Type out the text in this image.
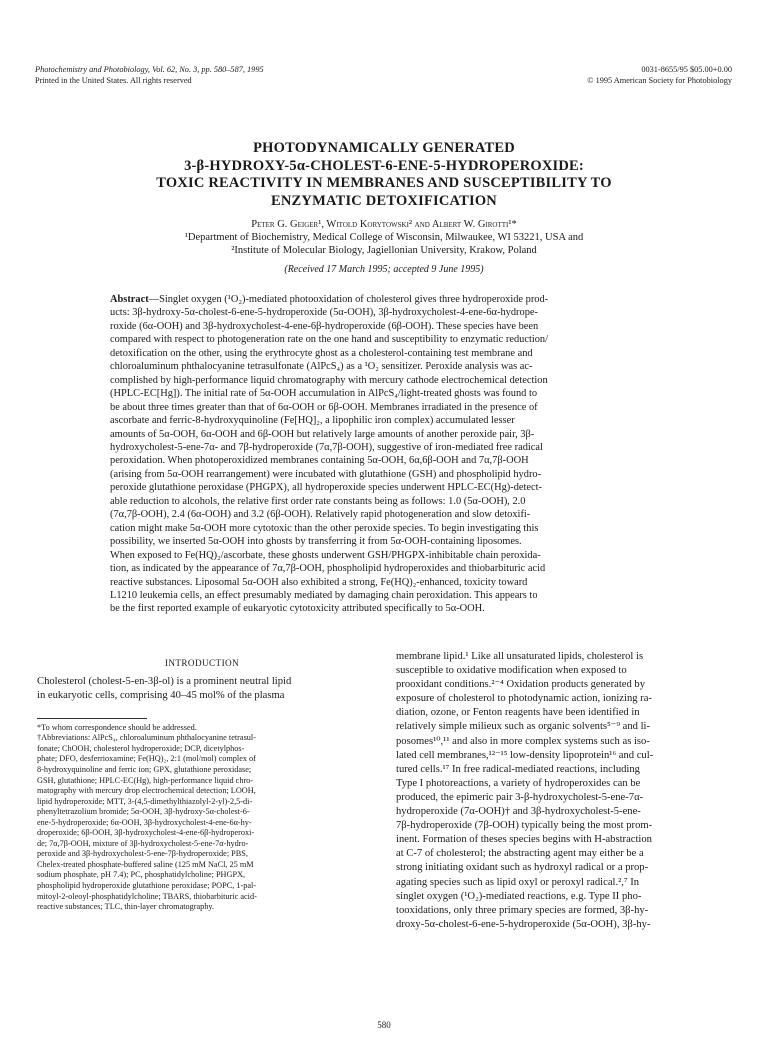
Photochemistry and Photobiology, Vol. 62, No. 3, pp. 580–587, 1995
Printed in the United States. All rights reserved
0031-8655/95 $05.00+0.00
© 1995 American Society for Photobiology
PHOTODYNAMICALLY GENERATED
3-β-HYDROXY-5α-CHOLEST-6-ENE-5-HYDROPEROXIDE:
TOXIC REACTIVITY IN MEMBRANES AND SUSCEPTIBILITY TO
ENZYMATIC DETOXIFICATION
Peter G. Geiger¹, Witold Korytowski² and Albert W. Girotti¹*
¹Department of Biochemistry, Medical College of Wisconsin, Milwaukee, WI 53221, USA and
²Institute of Molecular Biology, Jagiellonian University, Krakow, Poland
(Received 17 March 1995; accepted 9 June 1995)
Abstract—Singlet oxygen (¹O₂)-mediated photooxidation of cholesterol gives three hydroperoxide prod-
ucts: 3β-hydroxy-5α-cholest-6-ene-5-hydroperoxide (5α-OOH), 3β-hydroxycholest-4-ene-6α-hydrope-
roxide (6α-OOH) and 3β-hydroxycholest-4-ene-6β-hydroperoxide (6β-OOH). These species have been
compared with respect to photogeneration rate on the one hand and susceptibility to enzymatic reduction/
detoxification on the other, using the erythrocyte ghost as a cholesterol-containing test membrane and
chloroaluminum phthalocyanine tetrasulfonate (AlPcS₄) as a ¹O₂ sensitizer. Peroxide analysis was ac-
complished by high-performance liquid chromatography with mercury cathode electrochemical detection
(HPLC-EC[Hg]). The initial rate of 5α-OOH accumulation in AlPcS₄/light-treated ghosts was found to
be about three times greater than that of 6α-OOH or 6β-OOH. Membranes irradiated in the presence of
ascorbate and ferric-8-hydroxyquinoline (Fe[HQ]₂, a lipophilic iron complex) accumulated lesser
amounts of 5α-OOH, 6α-OOH and 6β-OOH but relatively large amounts of another peroxide pair, 3β-
hydroxycholest-5-ene-7α- and 7β-hydroperoxide (7α,7β-OOH), suggestive of iron-mediated free radical
peroxidation. When photoperoxidized membranes containing 5α-OOH, 6α,6β-OOH and 7α,7β-OOH
(arising from 5α-OOH rearrangement) were incubated with glutathione (GSH) and phospholipid hydro-
peroxide glutathione peroxidase (PHGPX), all hydroperoxide species underwent HPLC-EC(Hg)-detect-
able reduction to alcohols, the relative first order rate constants being as follows: 1.0 (5α-OOH), 2.0
(7α,7β-OOH), 2.4 (6α-OOH) and 3.2 (6β-OOH). Relatively rapid photogeneration and slow detoxifi-
cation might make 5α-OOH more cytotoxic than the other peroxide species. To begin investigating this
possibility, we inserted 5α-OOH into ghosts by transferring it from 5α-OOH-containing liposomes.
When exposed to Fe(HQ)₂/ascorbate, these ghosts underwent GSH/PHGPX-inhibitable chain peroxida-
tion, as indicated by the appearance of 7α,7β-OOH, phospholipid hydroperoxides and thiobarbituric acid
reactive substances. Liposomal 5α-OOH also exhibited a strong, Fe(HQ)₂-enhanced, toxicity toward
L1210 leukemia cells, an effect presumably mediated by damaging chain peroxidation. This appears to
be the first reported example of eukaryotic cytotoxicity attributed specifically to 5α-OOH.
INTRODUCTION
Cholesterol (cholest-5-en-3β-ol) is a prominent neutral lipid
in eukaryotic cells, comprising 40–45 mol% of the plasma
*To whom correspondence should be addressed.
†Abbreviations: AlPcS₄, chloroaluminum phthalocyanine tetrasul-
fonate; ChOOH, cholesterol hydroperoxide; DCP, dicetylphos-
phate; DFO, desferrioxamine; Fe(HQ)₂, 2:1 (mol/mol) complex of
8-hydroxyquinoline and ferric ion; GPX, glutathione peroxidase;
GSH, glutathione; HPLC-EC(Hg), high-performance liquid chro-
matography with mercury drop electrochemical detection; LOOH,
lipid hydroperoxide; MTT, 3-(4,5-dimethylthiazolyl-2-yl)-2,5-di-
phenyltetrazolium bromide; 5α-OOH, 3β-hydroxy-5α-cholest-6-
ene-5-hydroperoxide; 6α-OOH, 3β-hydroxycholest-4-ene-6α-hy-
droperoxide; 6β-OOH, 3β-hydroxycholest-4-ene-6β-hydroperoxi-
de; 7α,7β-OOH, mixture of 3β-hydroxycholest-5-ene-7α-hydro-
peroxide and 3β-hydroxycholest-5-ene-7β-hydroperoxide; PBS,
Chelex-treated phosphate-buffered saline (125 mM NaCl, 25 mM
sodium phosphate, pH 7.4); PC, phosphatidylcholine; PHGPX,
phospholipid hydroperoxide glutathione peroxidase; POPC, 1-pal-
mitoyl-2-oleoyl-phosphatidylcholine; TBARS, thiobarbituric acid-
reactive substances; TLC, thin-layer chromatography.
membrane lipid.¹ Like all unsaturated lipids, cholesterol is
susceptible to oxidative modification when exposed to
prooxidant conditions.²⁻⁴ Oxidation products generated by
exposure of cholesterol to photodynamic action, ionizing ra-
diation, ozone, or Fenton reagents have been identified in
relatively simple milieux such as organic solvents⁵⁻⁹ and li-
posomes¹⁰,¹¹ and also in more complex systems such as iso-
lated cell membranes,¹²⁻¹⁵ low-density lipoprotein¹⁶ and cul-
tured cells.¹⁷ In free radical-mediated reactions, including
Type I photoreactions, a variety of hydroperoxides can be
produced, the epimeric pair 3-β-hydroxycholest-5-ene-7α-
hydroperoxide (7α-OOH)† and 3β-hydroxycholest-5-ene-
7β-hydroperoxide (7β-OOH) typically being the most prom-
inent. Formation of theses species begins with H-abstraction
at C-7 of cholesterol; the abstracting agent may either be a
strong initiating oxidant such as hydroxyl radical or a prop-
agating species such as lipid oxyl or peroxyl radical.²,⁷ In
singlet oxygen (¹O₂)-mediated reactions, e.g. Type II pho-
tooxidations, only three primary species are formed, 3β-hy-
droxy-5α-cholest-6-ene-5-hydroperoxide (5α-OOH), 3β-hy-
580
